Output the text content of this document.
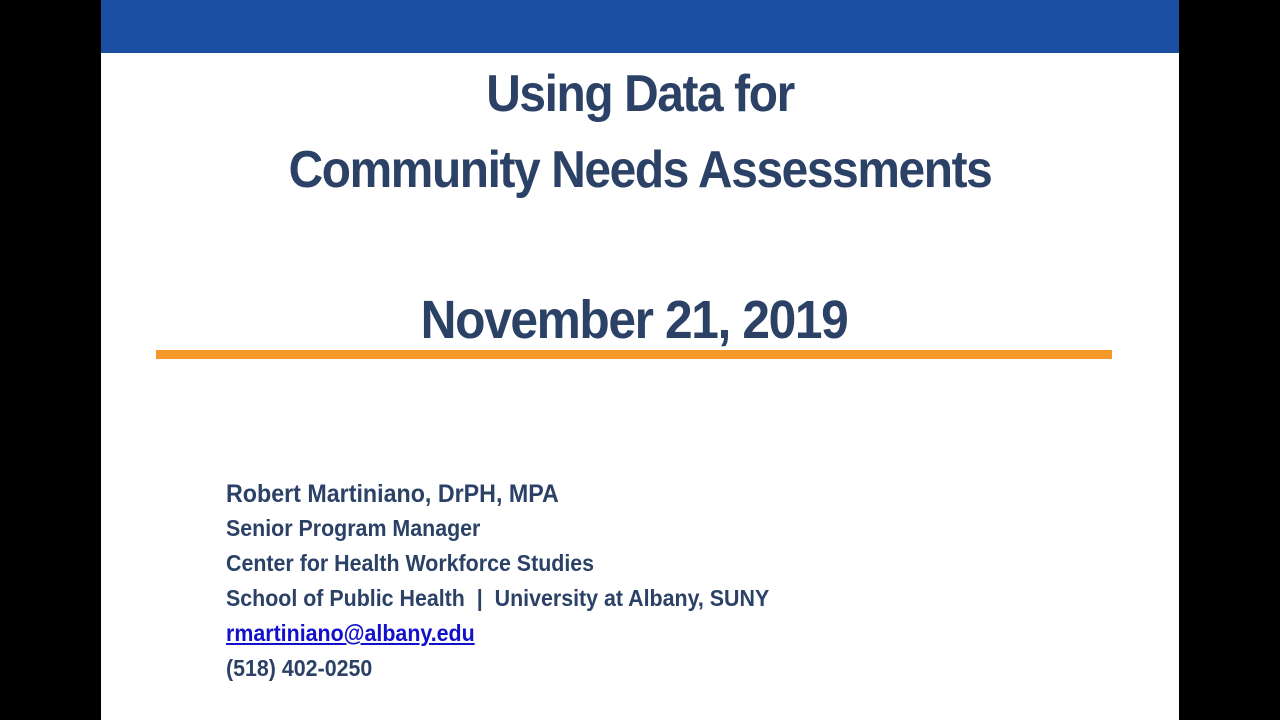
Using Data for
Community Needs Assessments
November 21, 2019
Robert Martiniano, DrPH, MPA
Senior Program Manager
Center for Health Workforce Studies
School of Public Health  |  University at Albany, SUNY
rmartiniano@albany.edu
(518) 402-0250
